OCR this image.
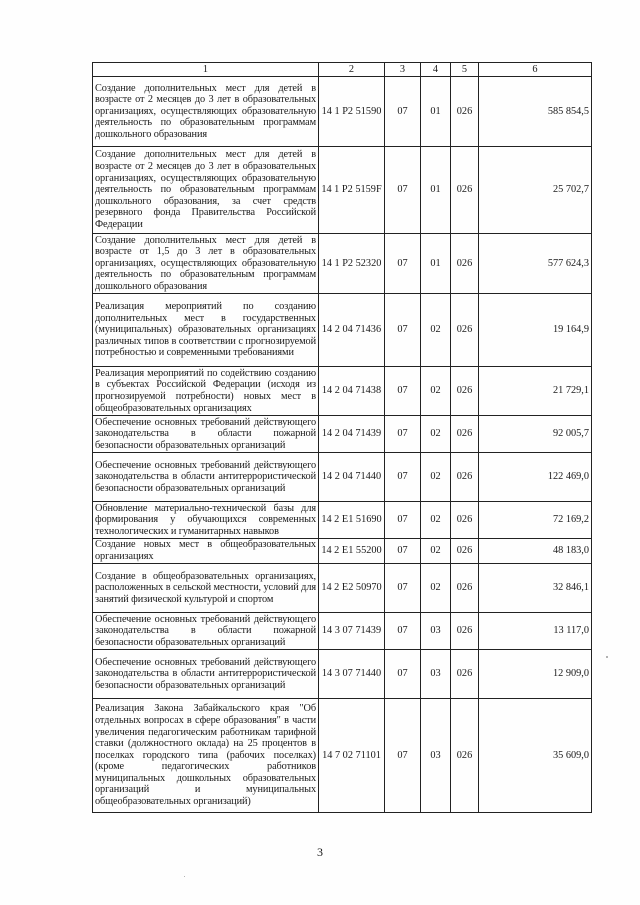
1	2	3	4	5	6
Создание дополнительных мест для детей в возрасте от 2 месяцев до 3 лет в образовательных организациях, осуществляющих образовательную деятельность по образовательным программам дошкольного образования	14 1 P2 51590	07	01	026	585 854,5
Создание дополнительных мест для детей в возрасте от 2 месяцев до 3 лет в образовательных организациях, осуществляющих образовательную деятельность по образовательным программам дошкольного образования, за счет средств резервного фонда Правительства Российской Федерации	14 1 P2 5159F	07	01	026	25 702,7
Создание дополнительных мест для детей в возрасте от 1,5 до 3 лет в образовательных организациях, осуществляющих образовательную деятельность по образовательным программам дошкольного образования	14 1 P2 52320	07	01	026	577 624,3
Реализация мероприятий по созданию дополнительных мест в государственных (муниципальных) образовательных организациях различных типов в соответствии с прогнозируемой потребностью и современными требованиями	14 2 04 71436	07	02	026	19 164,9
Реализация мероприятий по содействию созданию в субъектах Российской Федерации (исходя из прогнозируемой потребности) новых мест в общеобразовательных организациях	14 2 04 71438	07	02	026	21 729,1
Обеспечение основных требований действующего законодательства в области пожарной безопасности образовательных организаций	14 2 04 71439	07	02	026	92 005,7
Обеспечение основных требований действующего законодательства в области антитеррористической безопасности образовательных организаций	14 2 04 71440	07	02	026	122 469,0
Обновление материально-технической базы для формирования у обучающихся современных технологических и гуманитарных навыков	14 2 E1 51690	07	02	026	72 169,2
Создание новых мест в общеобразовательных организациях	14 2 E1 55200	07	02	026	48 183,0
Создание в общеобразовательных организациях, расположенных в сельской местности, условий для занятий физической культурой и спортом	14 2 E2 50970	07	02	026	32 846,1
Обеспечение основных требований действующего законодательства в области пожарной безопасности образовательных организаций	14 3 07 71439	07	03	026	13 117,0
Обеспечение основных требований действующего законодательства в области антитеррористической безопасности образовательных организаций	14 3 07 71440	07	03	026	12 909,0
Реализация Закона Забайкальского края "Об отдельных вопросах в сфере образования" в части увеличения педагогическим работникам тарифной ставки (должностного оклада) на 25 процентов в поселках городского типа (рабочих поселках) (кроме педагогических работников муниципальных дошкольных образовательных организаций и муниципальных общеобразовательных организаций)	14 7 02 71101	07	03	026	35 609,0
3
